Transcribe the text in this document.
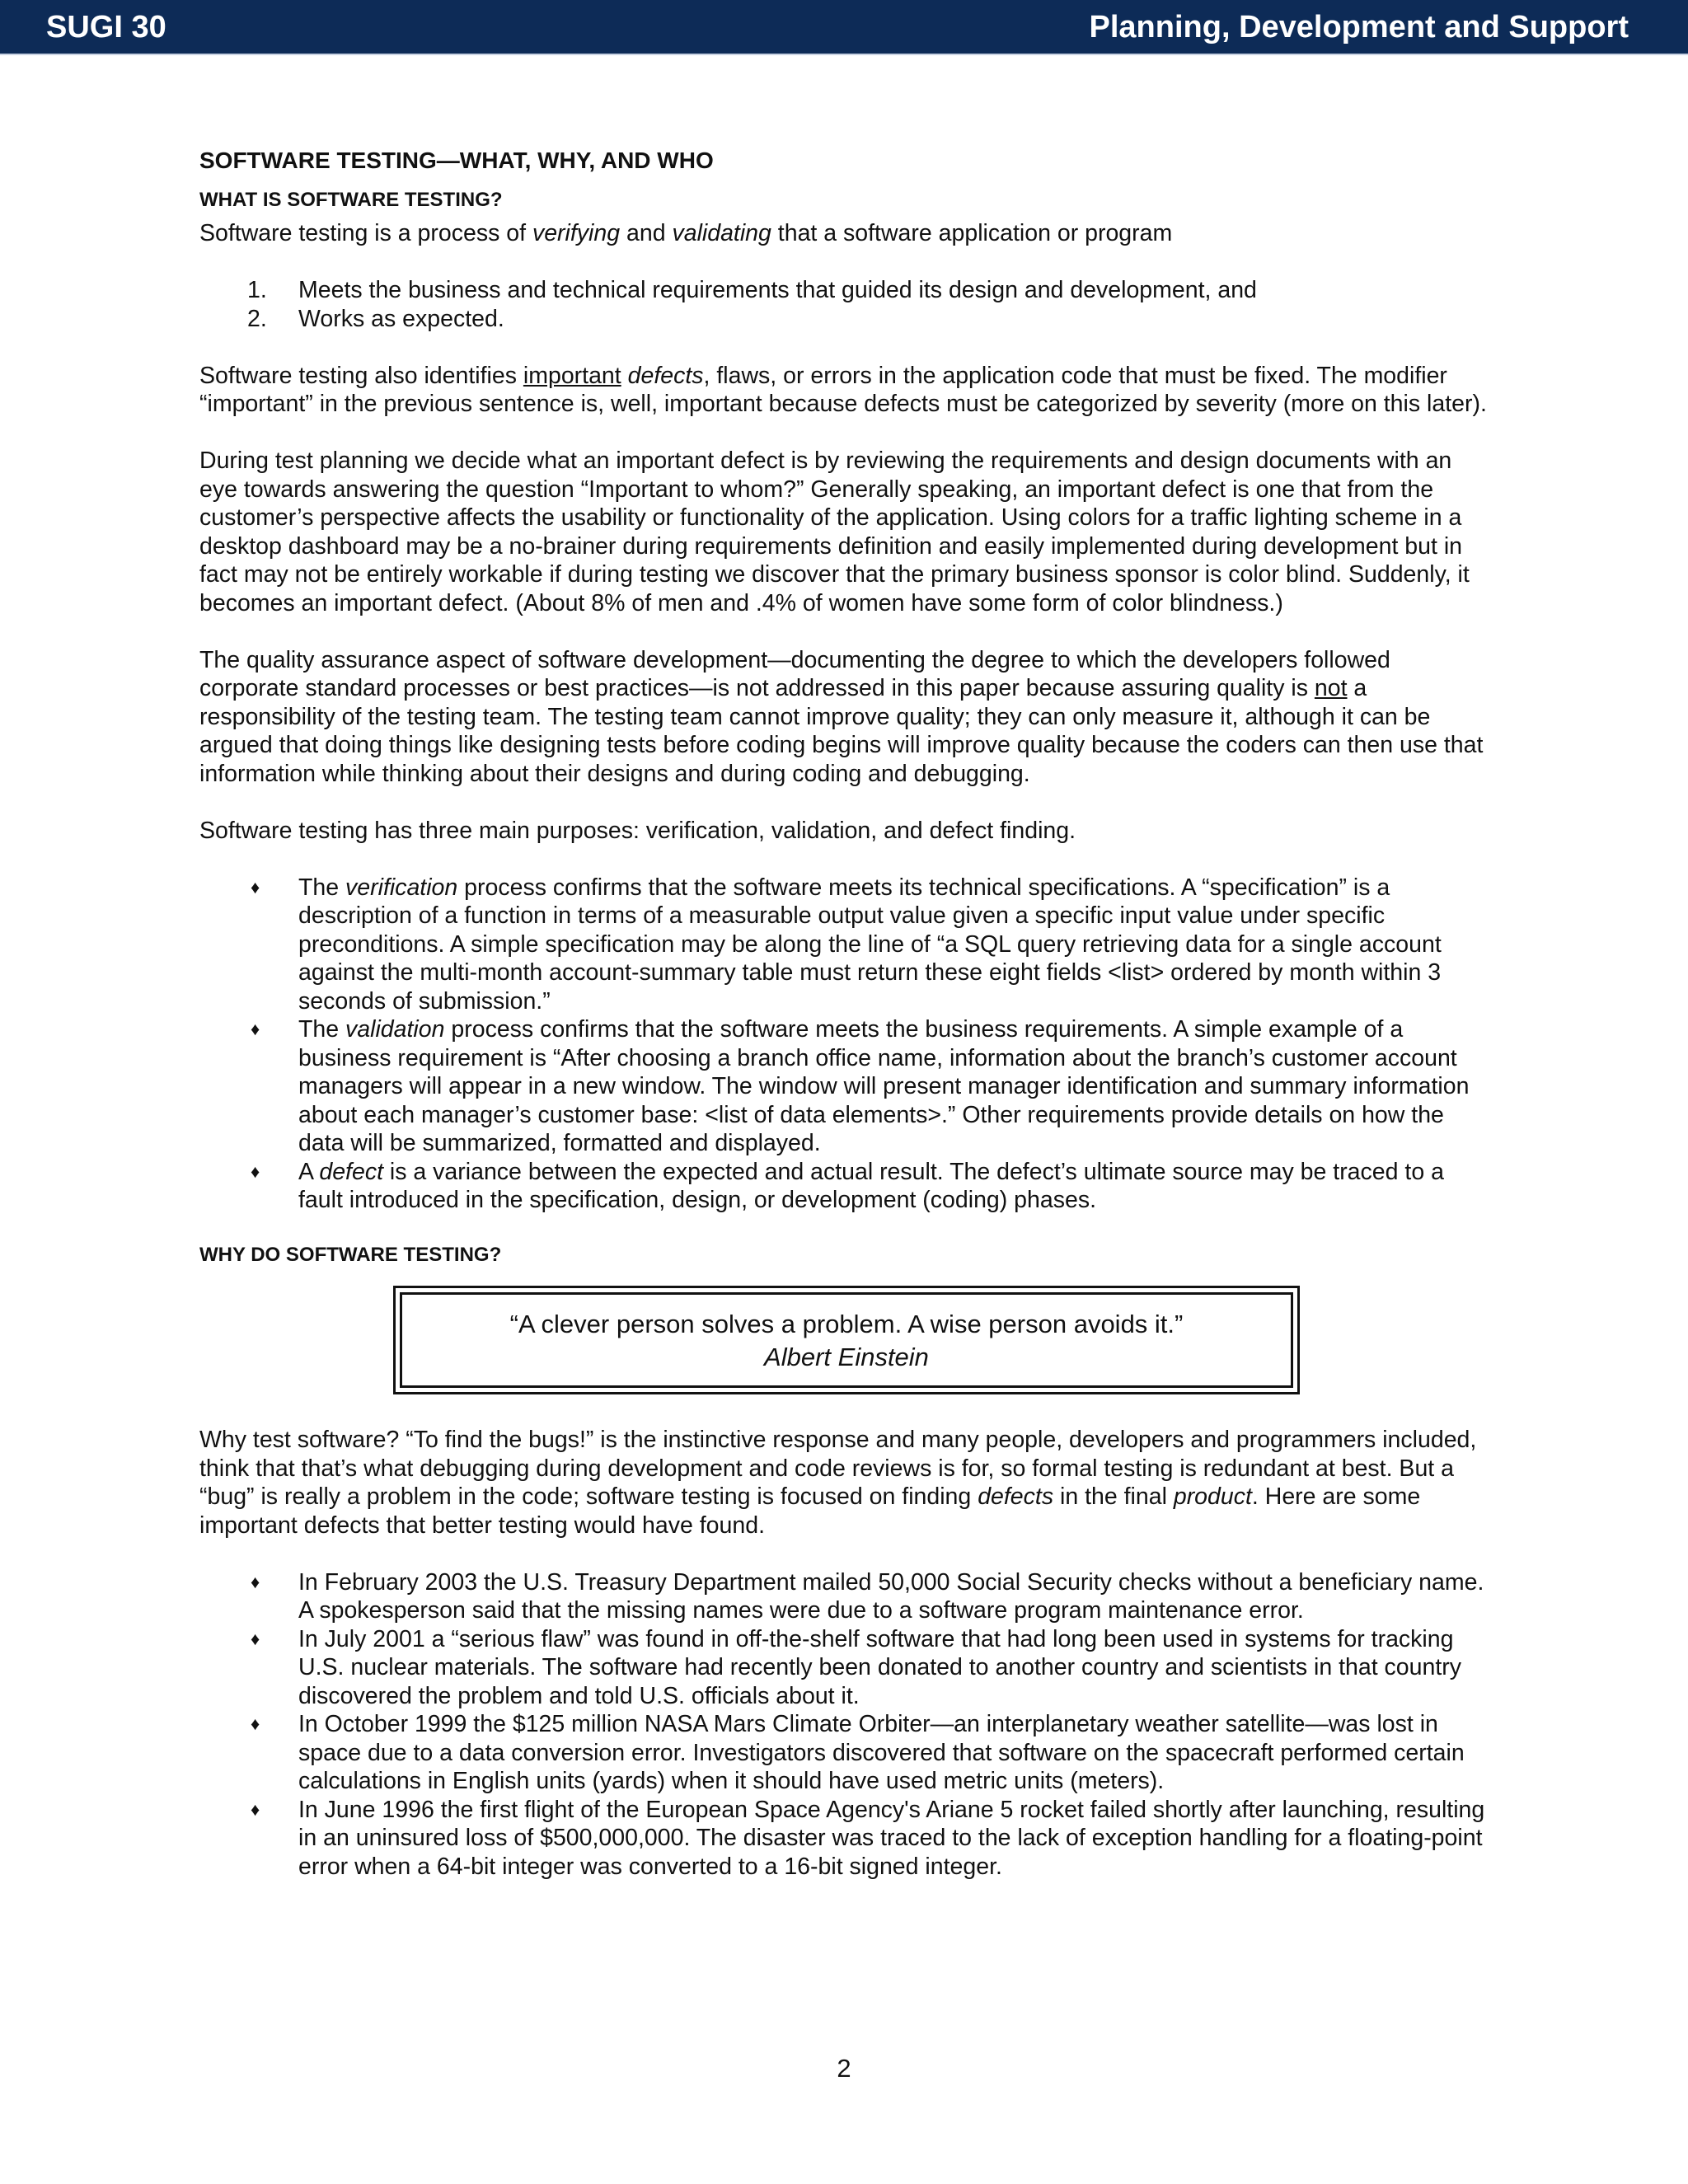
SUGI 30	Planning, Development and Support
SOFTWARE TESTING—WHAT, WHY, AND WHO
WHAT IS SOFTWARE TESTING?

Software testing is a process of verifying and validating that a software application or program

1. Meets the business and technical requirements that guided its design and development, and
2. Works as expected.

Software testing also identifies important defects, flaws, or errors in the application code that must be fixed. The modifier “important” in the previous sentence is, well, important because defects must be categorized by severity (more on this later).

During test planning we decide what an important defect is by reviewing the requirements and design documents with an eye towards answering the question “Important to whom?” Generally speaking, an important defect is one that from the customer’s perspective affects the usability or functionality of the application. Using colors for a traffic lighting scheme in a desktop dashboard may be a no-brainer during requirements definition and easily implemented during development but in fact may not be entirely workable if during testing we discover that the primary business sponsor is color blind. Suddenly, it becomes an important defect. (About 8% of men and .4% of women have some form of color blindness.)

The quality assurance aspect of software development—documenting the degree to which the developers followed corporate standard processes or best practices—is not addressed in this paper because assuring quality is not a responsibility of the testing team. The testing team cannot improve quality; they can only measure it, although it can be argued that doing things like designing tests before coding begins will improve quality because the coders can then use that information while thinking about their designs and during coding and debugging.

Software testing has three main purposes: verification, validation, and defect finding.

♦ The verification process confirms that the software meets its technical specifications. A “specification” is a description of a function in terms of a measurable output value given a specific input value under specific preconditions. A simple specification may be along the line of “a SQL query retrieving data for a single account against the multi-month account-summary table must return these eight fields <list> ordered by month within 3 seconds of submission.”
♦ The validation process confirms that the software meets the business requirements. A simple example of a business requirement is “After choosing a branch office name, information about the branch’s customer account managers will appear in a new window. The window will present manager identification and summary information about each manager’s customer base: <list of data elements>.” Other requirements provide details on how the data will be summarized, formatted and displayed.
♦ A defect is a variance between the expected and actual result. The defect’s ultimate source may be traced to a fault introduced in the specification, design, or development (coding) phases.
WHY DO SOFTWARE TESTING?
“A clever person solves a problem. A wise person avoids it.”
Albert Einstein

Why test software? “To find the bugs!” is the instinctive response and many people, developers and programmers included, think that that’s what debugging during development and code reviews is for, so formal testing is redundant at best. But a “bug” is really a problem in the code; software testing is focused on finding defects in the final product. Here are some important defects that better testing would have found.

♦ In February 2003 the U.S. Treasury Department mailed 50,000 Social Security checks without a beneficiary name. A spokesperson said that the missing names were due to a software program maintenance error.
♦ In July 2001 a “serious flaw” was found in off-the-shelf software that had long been used in systems for tracking U.S. nuclear materials. The software had recently been donated to another country and scientists in that country discovered the problem and told U.S. officials about it.
♦ In October 1999 the $125 million NASA Mars Climate Orbiter—an interplanetary weather satellite—was lost in space due to a data conversion error. Investigators discovered that software on the spacecraft performed certain calculations in English units (yards) when it should have used metric units (meters).
♦ In June 1996 the first flight of the European Space Agency's Ariane 5 rocket failed shortly after launching, resulting in an uninsured loss of $500,000,000. The disaster was traced to the lack of exception handling for a floating-point error when a 64-bit integer was converted to a 16-bit signed integer.
2
